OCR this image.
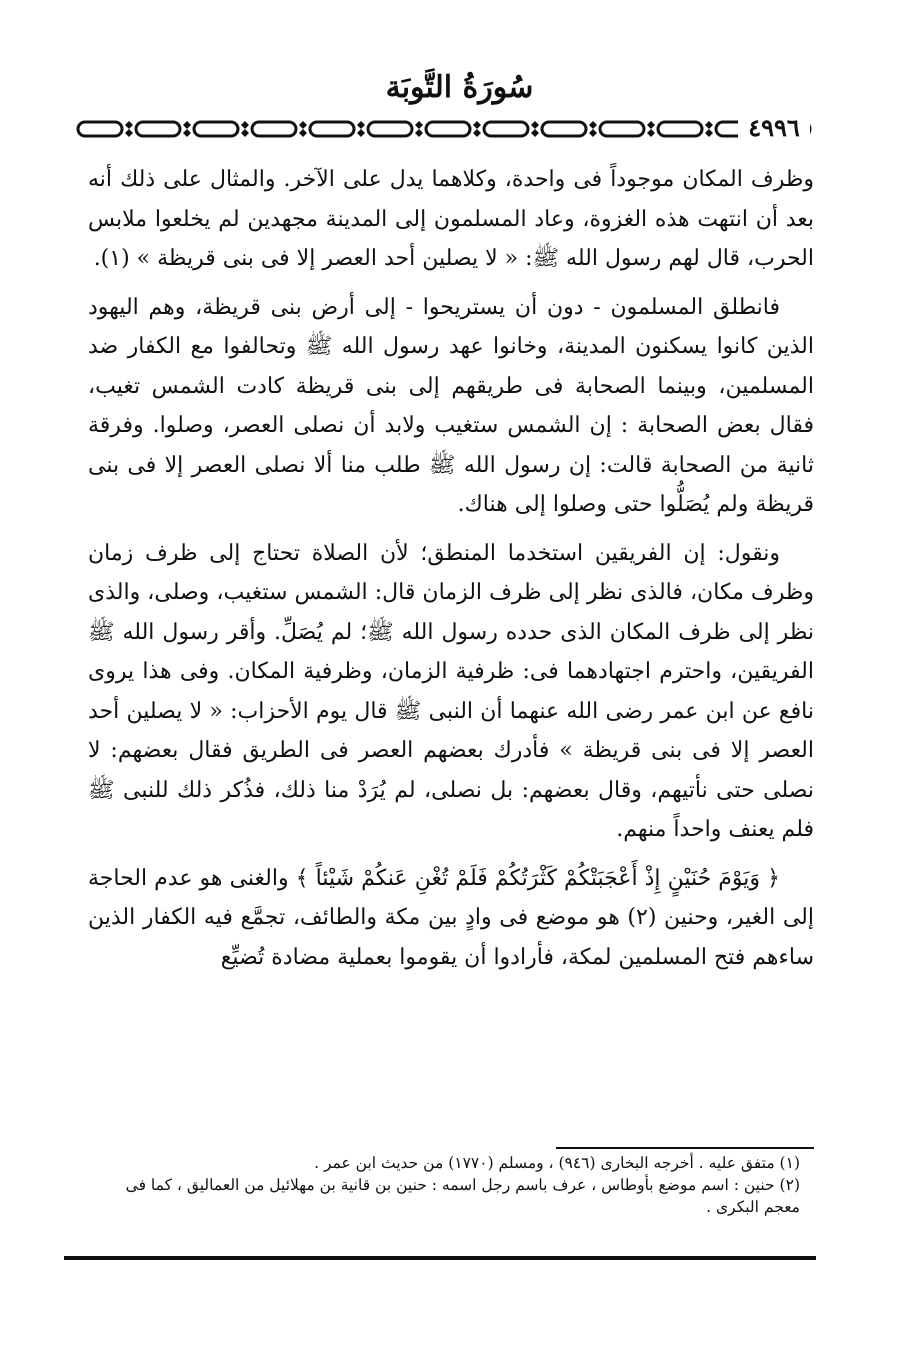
سُورَةُ التَّوبَة
٤٩٩٦

وظرف المكان موجوداً فى واحدة، وكلاهما يدل على الآخر. والمثال على ذلك أنه بعد أن انتهت هذه الغزوة، وعاد المسلمون إلى المدينة مجهدين لم يخلعوا ملابس الحرب، قال لهم رسول الله ﷺ: « لا يصلين أحد العصر إلا فى بنى قريظة » (١).

فانطلق المسلمون - دون أن يستريحوا - إلى أرض بنى قريظة، وهم اليهود الذين كانوا يسكنون المدينة، وخانوا عهد رسول الله ﷺ وتحالفوا مع الكفار ضد المسلمين، وبينما الصحابة فى طريقهم إلى بنى قريظة كادت الشمس تغيب، فقال بعض الصحابة : إن الشمس ستغيب ولابد أن نصلى العصر، وصلوا. وفرقة ثانية من الصحابة قالت: إن رسول الله ﷺ طلب منا ألا نصلى العصر إلا فى بنى قريظة ولم يُصَلُّوا حتى وصلوا إلى هناك.

ونقول: إن الفريقين استخدما المنطق؛ لأن الصلاة تحتاج إلى ظرف زمان وظرف مكان، فالذى نظر إلى ظرف الزمان قال: الشمس ستغيب، وصلى، والذى نظر إلى ظرف المكان الذى حدده رسول الله ﷺ؛ لم يُصَلِّ. وأقر رسول الله ﷺ الفريقين، واحترم اجتهادهما فى: ظرفية الزمان، وظرفية المكان. وفى هذا يروى نافع عن ابن عمر رضى الله عنهما أن النبى ﷺ قال يوم الأحزاب: « لا يصلين أحد العصر إلا فى بنى قريظة » فأدرك بعضهم العصر فى الطريق فقال بعضهم: لا نصلى حتى نأتيهم، وقال بعضهم: بل نصلى، لم يُرَدْ منا ذلك، فذُكر ذلك للنبى ﷺ فلم يعنف واحداً منهم.

﴿ وَيَوْمَ حُنَيْنٍ إِذْ أَعْجَبَتْكُمْ كَثْرَتُكُمْ فَلَمْ تُغْنِ عَنكُمْ شَيْئاً ﴾ والغنى هو عدم الحاجة إلى الغير، وحنين (٢) هو موضع فى وادٍ بين مكة والطائف، تجمَّع فيه الكفار الذين ساءهم فتح المسلمين لمكة، فأرادوا أن يقوموا بعملية مضادة تُضيِّع

(١) متفق عليه . أخرجه البخارى (٩٤٦) ، ومسلم (١٧٧٠) من حديث ابن عمر .

(٢) حنين : اسم موضع بأوطاس ، عرف باسم رجل اسمه : حنين بن قانية بن مهلائيل من العماليق ، كما فى معجم البكرى .
